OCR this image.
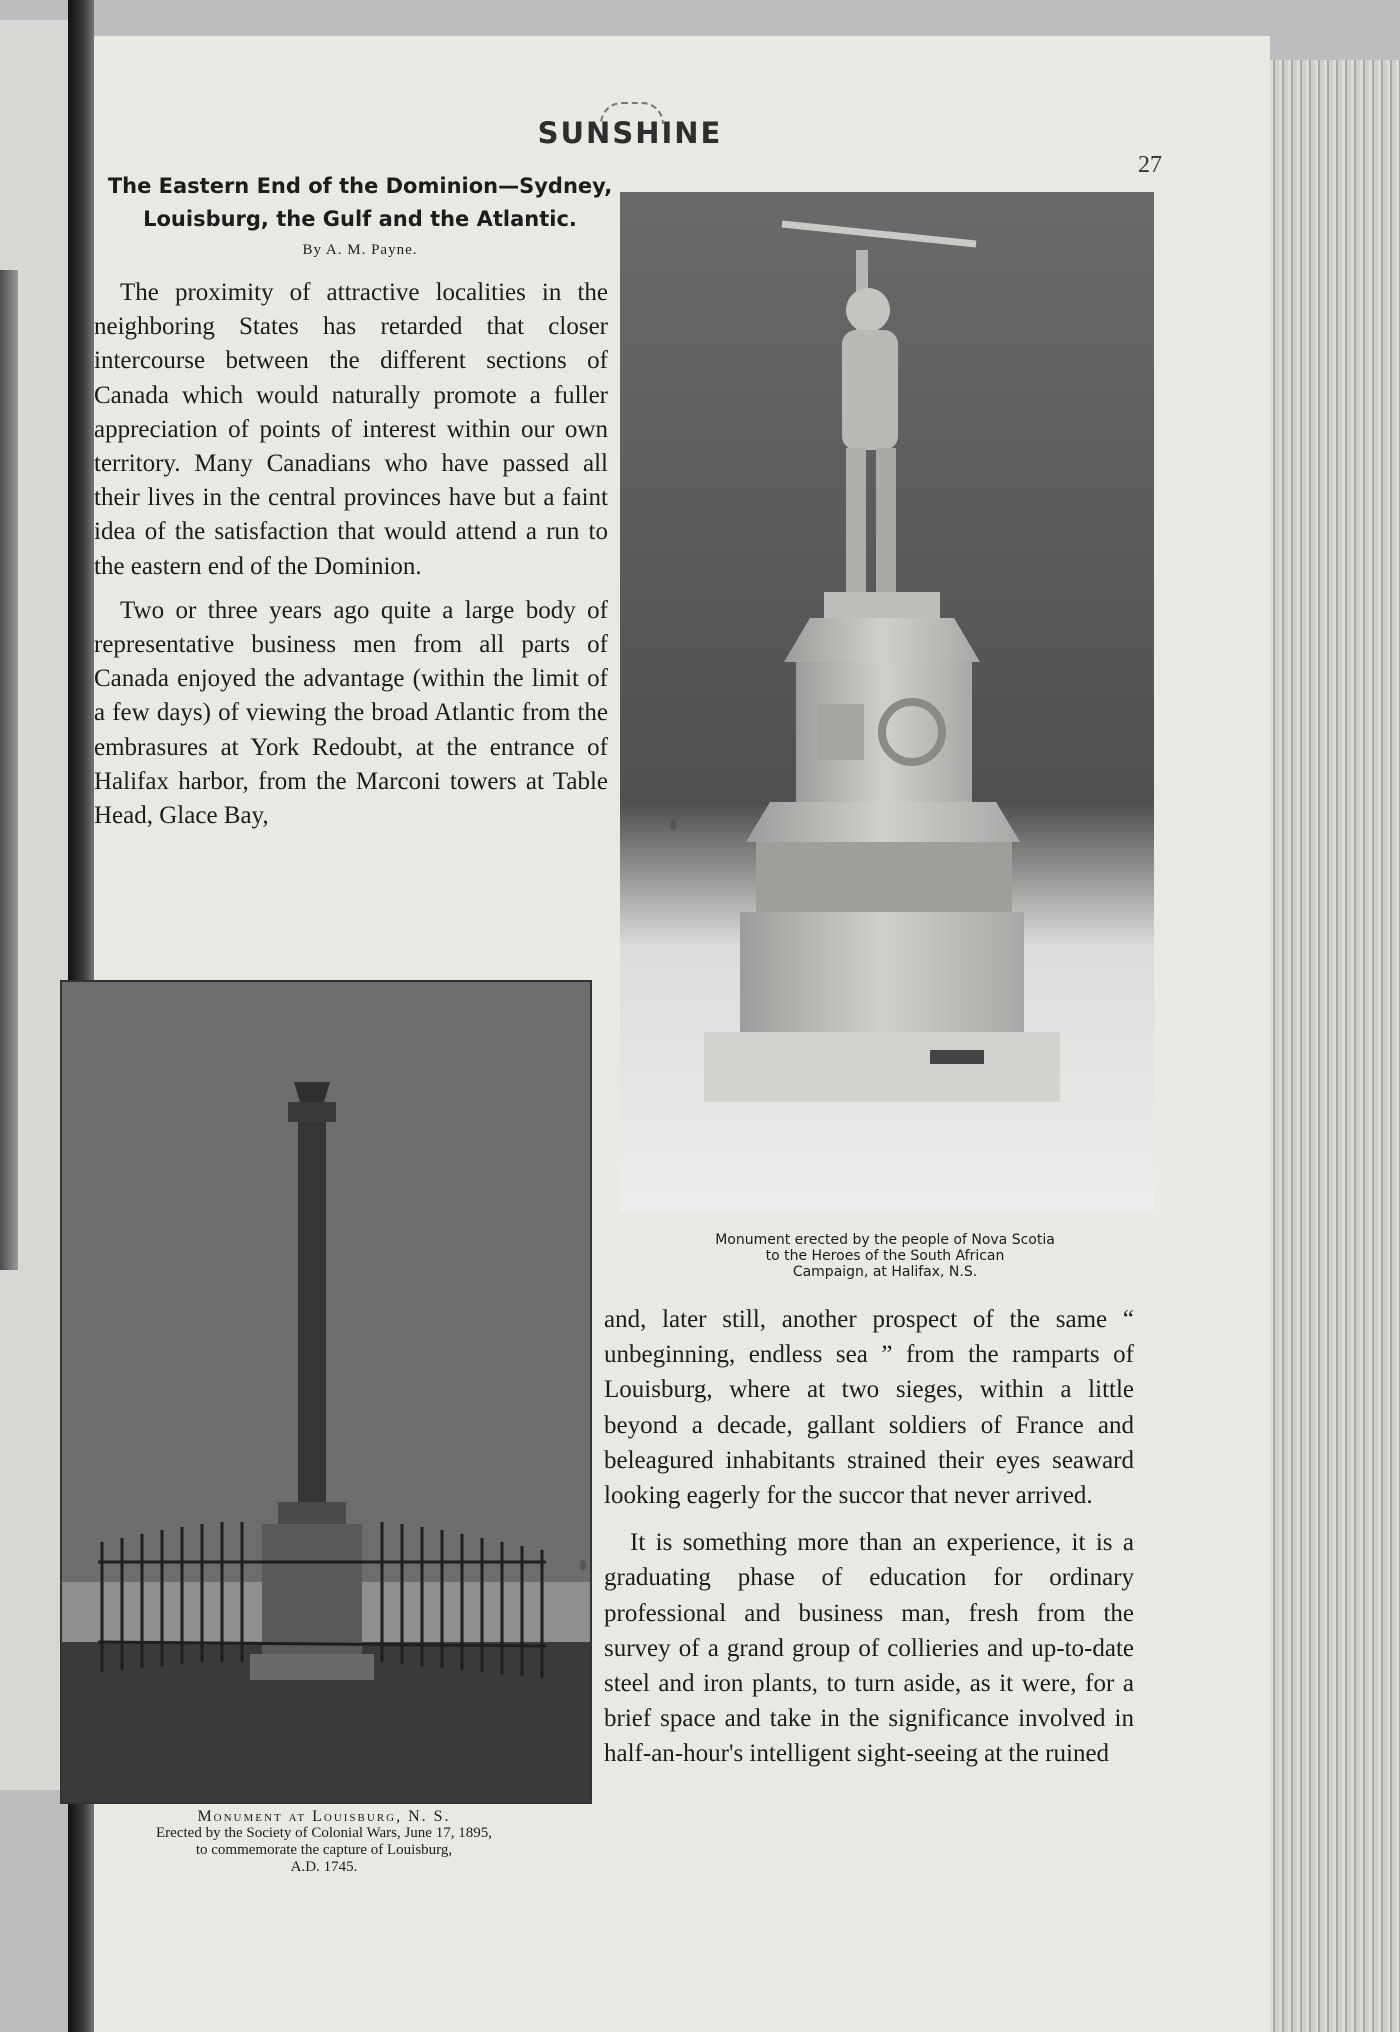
SUNSHINE
27
The Eastern End of the Dominion—Sydney,
Louisburg, the Gulf and the Atlantic.
By A. M. Payne.

The proximity of attractive localities in the neighboring States has retarded that closer intercourse between the different sections of Canada which would naturally promote a fuller appreciation of points of interest within our own territory. Many Canadians who have passed all their lives in the central provinces have but a faint idea of the satisfaction that would attend a run to the eastern end of the Dominion.

Two or three years ago quite a large body of representative business men from all parts of Canada enjoyed the advantage (within the limit of a few days) of viewing the broad Atlantic from the embrasures at York Redoubt, at the entrance of Halifax harbor, from the Marconi towers at Table Head, Glace Bay,

Monument erected by the people of Nova Scotia
to the Heroes of the South African
Campaign, at Halifax, N.S.

and, later still, another prospect of the same “ unbeginning, endless sea ” from the ramparts of Louisburg, where at two sieges, within a little beyond a decade, gallant soldiers of France and beleagured inhabitants strained their eyes seaward looking eagerly for the succor that never arrived.

It is something more than an experience, it is a graduating phase of education for ordinary professional and business man, fresh from the survey of a grand group of collieries and up-to-date steel and iron plants, to turn aside, as it were, for a brief space and take in the significance involved in half-an-hour's intelligent sight-seeing at the ruined

Monument at Louisburg, N. S.
Erected by the Society of Colonial Wars, June 17, 1895,
to commemorate the capture of Louisburg,
A.D. 1745.
